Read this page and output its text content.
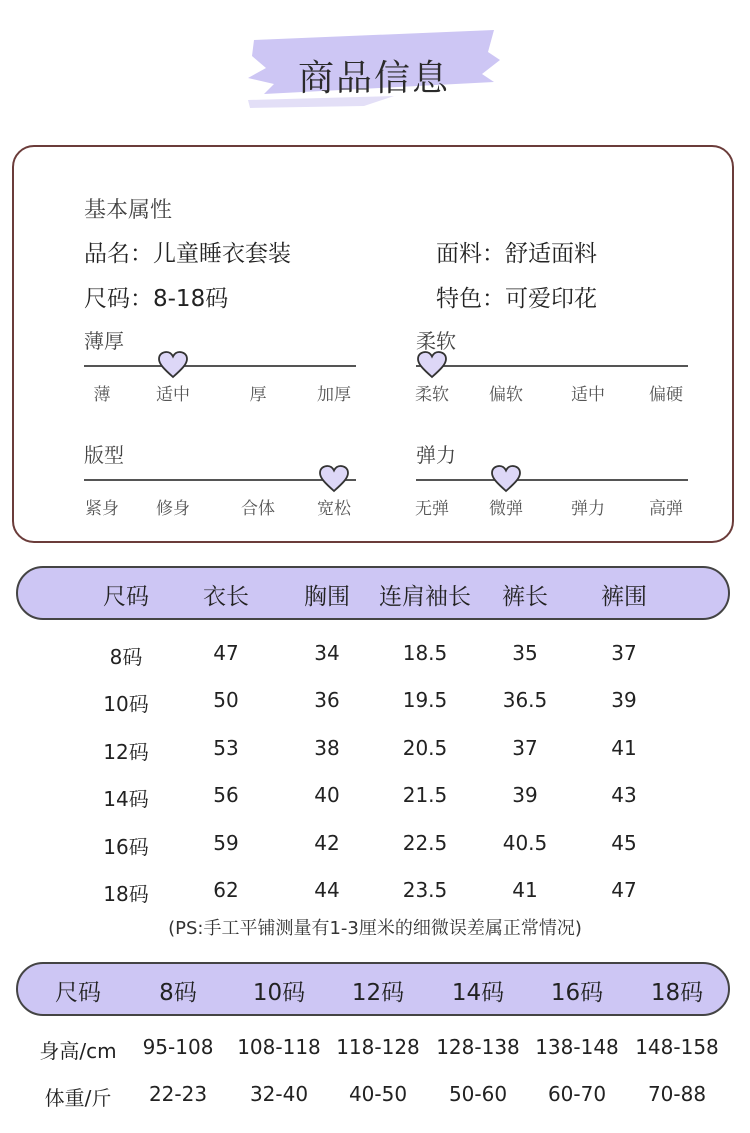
商品信息
基本属性
品名：儿童睡衣套装	面料：舒适面料
尺码：8-18码	特色：可爱印花
薄厚
薄	适中	厚	加厚
柔软
柔软 偏软	适中	偏硬
版型
紧身 修身	合体 宽松
弹力
无弹 微弹	弹力	高弹
尺码 衣长 胸围 连肩袖长 裤长 裤围
8码	47	34	18.5	35	37
10码	50	36	19.5	36.5	39
12码	53	38	20.5	37	41
14码	56	40	21.5	39	43
16码	59	42	22.5	40.5	45
18码	62	44	23.5	41	47
(PS:手工平铺测量有1-3厘米的细微误差属正常情况)
尺码	8码 10码 12码 14码 16码 18码
身高/cm 95-108 108-118 118-128 128-138 138-148 148-158
体重/斤 22-23 32-40 40-50 50-60 60-70 70-88
